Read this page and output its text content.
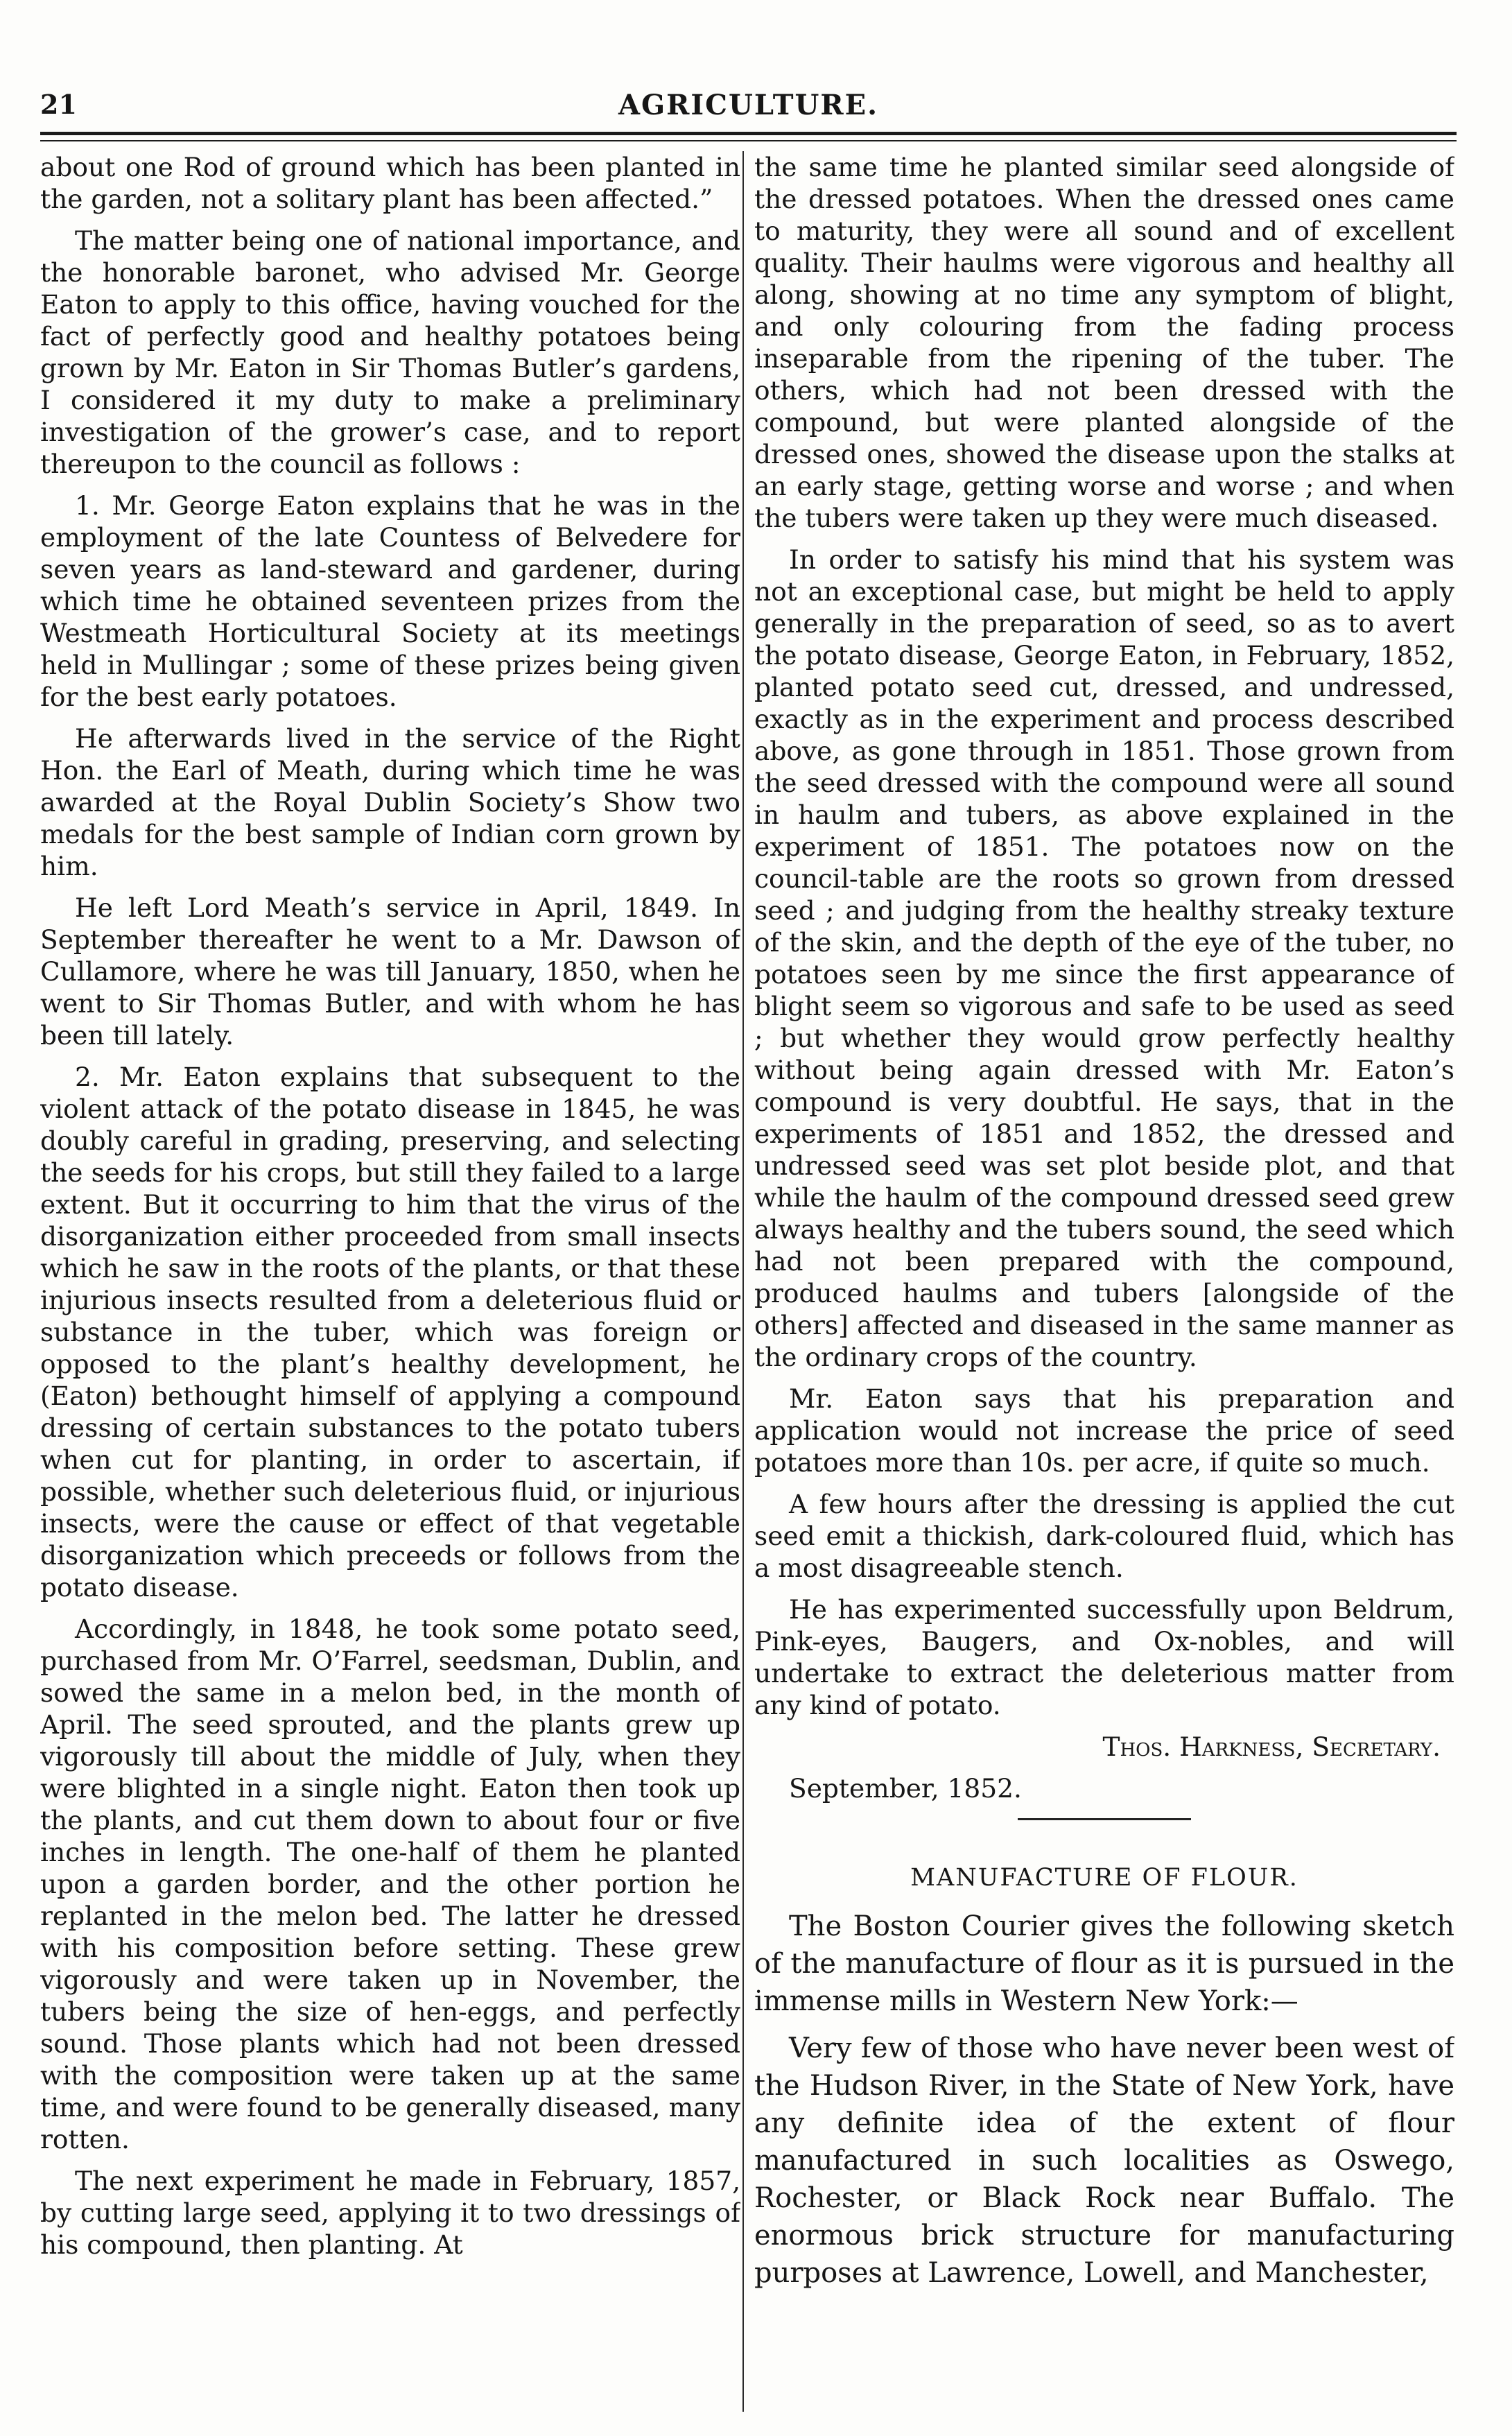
21	AGRICULTURE.

about one Rod of ground which has been planted in the garden, not a solitary plant has been affected.”

The matter being one of national importance, and the honorable baronet, who advised Mr. George Eaton to apply to this office, having vouched for the fact of perfectly good and healthy potatoes being grown by Mr. Eaton in Sir Thomas Butler’s gardens, I considered it my duty to make a preliminary investigation of the grower’s case, and to report thereupon to the council as follows :

1. Mr. George Eaton explains that he was in the employment of the late Countess of Belvedere for seven years as land-steward and gardener, during which time he obtained seventeen prizes from the Westmeath Horticultural Society at its meetings held in Mullingar ; some of these prizes being given for the best early potatoes.

He afterwards lived in the service of the Right Hon. the Earl of Meath, during which time he was awarded at the Royal Dublin Society’s Show two medals for the best sample of Indian corn grown by him.

He left Lord Meath’s service in April, 1849. In September thereafter he went to a Mr. Dawson of Cullamore, where he was till January, 1850, when he went to Sir Thomas Butler, and with whom he has been till lately.

2. Mr. Eaton explains that subsequent to the violent attack of the potato disease in 1845, he was doubly careful in grading, preserving, and selecting the seeds for his crops, but still they failed to a large extent. But it occurring to him that the virus of the disorganization either proceeded from small insects which he saw in the roots of the plants, or that these injurious insects resulted from a deleterious fluid or substance in the tuber, which was foreign or opposed to the plant’s healthy development, he (Eaton) bethought himself of applying a compound dressing of certain substances to the potato tubers when cut for planting, in order to ascertain, if possible, whether such deleterious fluid, or injurious insects, were the cause or effect of that vegetable disorganization which preceeds or follows from the potato disease.

Accordingly, in 1848, he took some potato seed, purchased from Mr. O’Farrel, seedsman, Dublin, and sowed the same in a melon bed, in the month of April. The seed sprouted, and the plants grew up vigorously till about the middle of July, when they were blighted in a single night. Eaton then took up the plants, and cut them down to about four or five inches in length. The one-half of them he planted upon a garden border, and the other portion he replanted in the melon bed. The latter he dressed with his composition before setting. These grew vigorously and were taken up in November, the tubers being the size of hen-eggs, and perfectly sound. Those plants which had not been dressed with the composition were taken up at the same time, and were found to be generally diseased, many rotten.

The next experiment he made in February, 1857, by cutting large seed, applying it to two dressings of his compound, then planting. At

the same time he planted similar seed alongside of the dressed potatoes. When the dressed ones came to maturity, they were all sound and of excellent quality. Their haulms were vigorous and healthy all along, showing at no time any symptom of blight, and only colouring from the fading process inseparable from the ripening of the tuber. The others, which had not been dressed with the compound, but were planted alongside of the dressed ones, showed the disease upon the stalks at an early stage, getting worse and worse ; and when the tubers were taken up they were much diseased.

In order to satisfy his mind that his system was not an exceptional case, but might be held to apply generally in the preparation of seed, so as to avert the potato disease, George Eaton, in February, 1852, planted potato seed cut, dressed, and undressed, exactly as in the experiment and process described above, as gone through in 1851. Those grown from the seed dressed with the compound were all sound in haulm and tubers, as above explained in the experiment of 1851. The potatoes now on the council-table are the roots so grown from dressed seed ; and judging from the healthy streaky texture of the skin, and the depth of the eye of the tuber, no potatoes seen by me since the first appearance of blight seem so vigorous and safe to be used as seed ; but whether they would grow perfectly healthy without being again dressed with Mr. Eaton’s compound is very doubtful. He says, that in the experiments of 1851 and 1852, the dressed and undressed seed was set plot beside plot, and that while the haulm of the compound dressed seed grew always healthy and the tubers sound, the seed which had not been prepared with the compound, produced haulms and tubers [alongside of the others] affected and diseased in the same manner as the ordinary crops of the country.

Mr. Eaton says that his preparation and application would not increase the price of seed potatoes more than 10s. per acre, if quite so much.

A few hours after the dressing is applied the cut seed emit a thickish, dark-coloured fluid, which has a most disagreeable stench.

He has experimented successfully upon Beldrum, Pink-eyes, Baugers, and Ox-nobles, and will undertake to extract the deleterious matter from any kind of potato.

Thos. Harkness, Secretary.

September, 1852.

MANUFACTURE OF FLOUR.

The Boston Courier gives the following sketch of the manufacture of flour as it is pursued in the immense mills in Western New York:—

Very few of those who have never been west of the Hudson River, in the State of New York, have any definite idea of the extent of flour manufactured in such localities as Oswego, Rochester, or Black Rock near Buffalo. The enormous brick structure for manufacturing purposes at Lawrence, Lowell, and Manchester,
